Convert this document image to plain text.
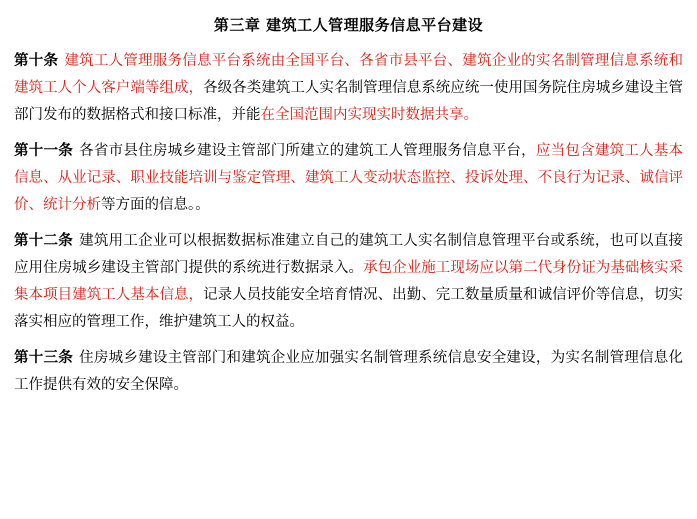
第三章 建筑工人管理服务信息平台建设
第十条 建筑工人管理服务信息平台系统由全国平台、各省市县平台、建筑企业的实名制管理信息系统和建筑工人个人客户端等组成，各级各类建筑工人实名制管理信息系统应统一使用国务院住房城乡建设主管部门发布的数据格式和接口标准，并能在全国范围内实现实时数据共享。
第十一条 各省市县住房城乡建设主管部门所建立的建筑工人管理服务信息平台，应当包含建筑工人基本信息、从业记录、职业技能培训与鉴定管理、建筑工人变动状态监控、投诉处理、不良行为记录、诚信评价、统计分析等方面的信息。。
第十二条 建筑用工企业可以根据数据标准建立自己的建筑工人实名制信息管理平台或系统，也可以直接应用住房城乡建设主管部门提供的系统进行数据录入。承包企业施工现场应以第二代身份证为基础核实采集本项目建筑工人基本信息，记录人员技能安全培育情况、出勤、完工数量质量和诚信评价等信息，切实落实相应的管理工作，维护建筑工人的权益。
第十三条 住房城乡建设主管部门和建筑企业应加强实名制管理系统信息安全建设，为实名制管理信息化工作提供有效的安全保障。
